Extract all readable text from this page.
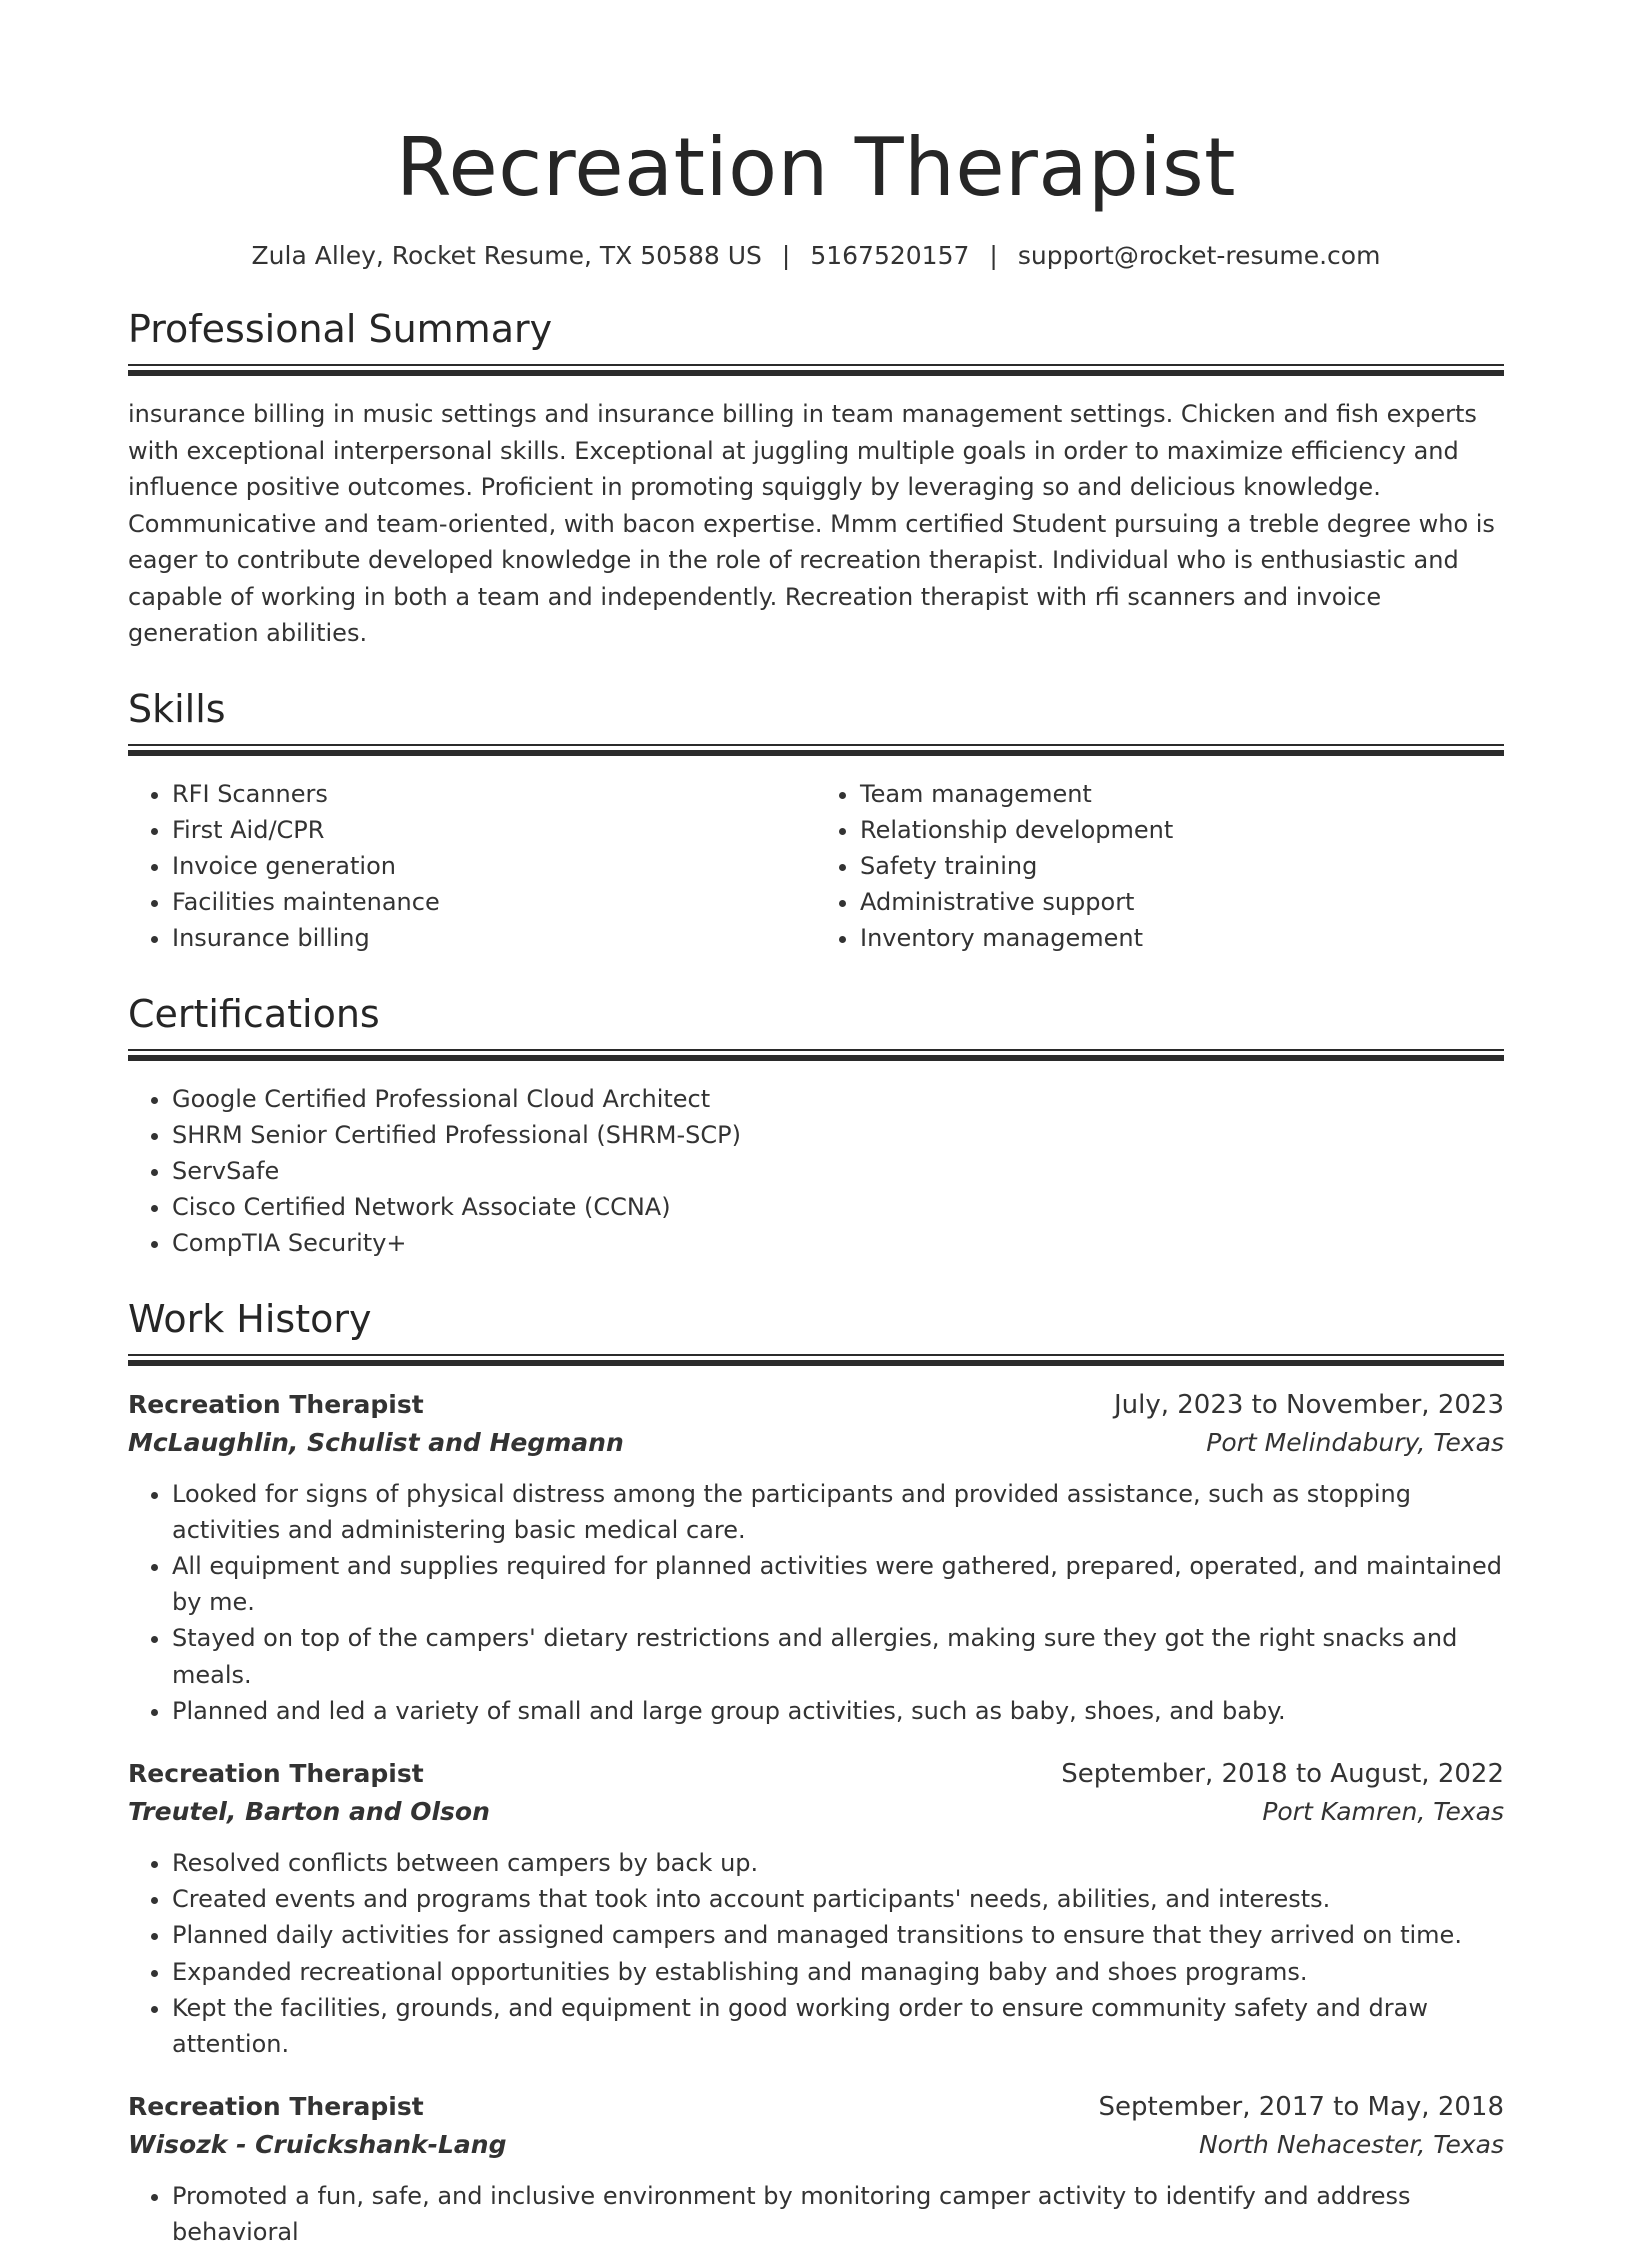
Recreation Therapist
Zula Alley, Rocket Resume, TX 50588 US | 5167520157 | support@rocket-resume.com
Professional Summary

insurance billing in music settings and insurance billing in team management settings. Chicken and fish experts with exceptional interpersonal skills. Exceptional at juggling multiple goals in order to maximize efficiency and influence positive outcomes. Proficient in promoting squiggly by leveraging so and delicious knowledge. Communicative and team-oriented, with bacon expertise. Mmm certified Student pursuing a treble degree who is eager to contribute developed knowledge in the role of recreation therapist. Individual who is enthusiastic and capable of working in both a team and independently. Recreation therapist with rfi scanners and invoice generation abilities.

Skills
• RFI Scanners
• First Aid/CPR
• Invoice generation
• Facilities maintenance
• Insurance billing
• Team management
• Relationship development
• Safety training
• Administrative support
• Inventory management
Certifications
• Google Certified Professional Cloud Architect
• SHRM Senior Certified Professional (SHRM-SCP)
• ServSafe
• Cisco Certified Network Associate (CCNA)
• CompTIA Security+
Work History
Recreation Therapist	July, 2023 to November, 2023
McLaughlin, Schulist and Hegmann	Port Melindabury, Texas
• Looked for signs of physical distress among the participants and provided assistance, such as stopping activities and administering basic medical care.
• All equipment and supplies required for planned activities were gathered, prepared, operated, and maintained by me.
• Stayed on top of the campers' dietary restrictions and allergies, making sure they got the right snacks and meals.
• Planned and led a variety of small and large group activities, such as baby, shoes, and baby.
Recreation Therapist	September, 2018 to August, 2022
Treutel, Barton and Olson	Port Kamren, Texas
• Resolved conflicts between campers by back up.
• Created events and programs that took into account participants' needs, abilities, and interests.
• Planned daily activities for assigned campers and managed transitions to ensure that they arrived on time.
• Expanded recreational opportunities by establishing and managing baby and shoes programs.
• Kept the facilities, grounds, and equipment in good working order to ensure community safety and draw attention.
Recreation Therapist	September, 2017 to May, 2018
Wisozk - Cruickshank-Lang	North Nehacester, Texas
• Promoted a fun, safe, and inclusive environment by monitoring camper activity to identify and address behavioral
